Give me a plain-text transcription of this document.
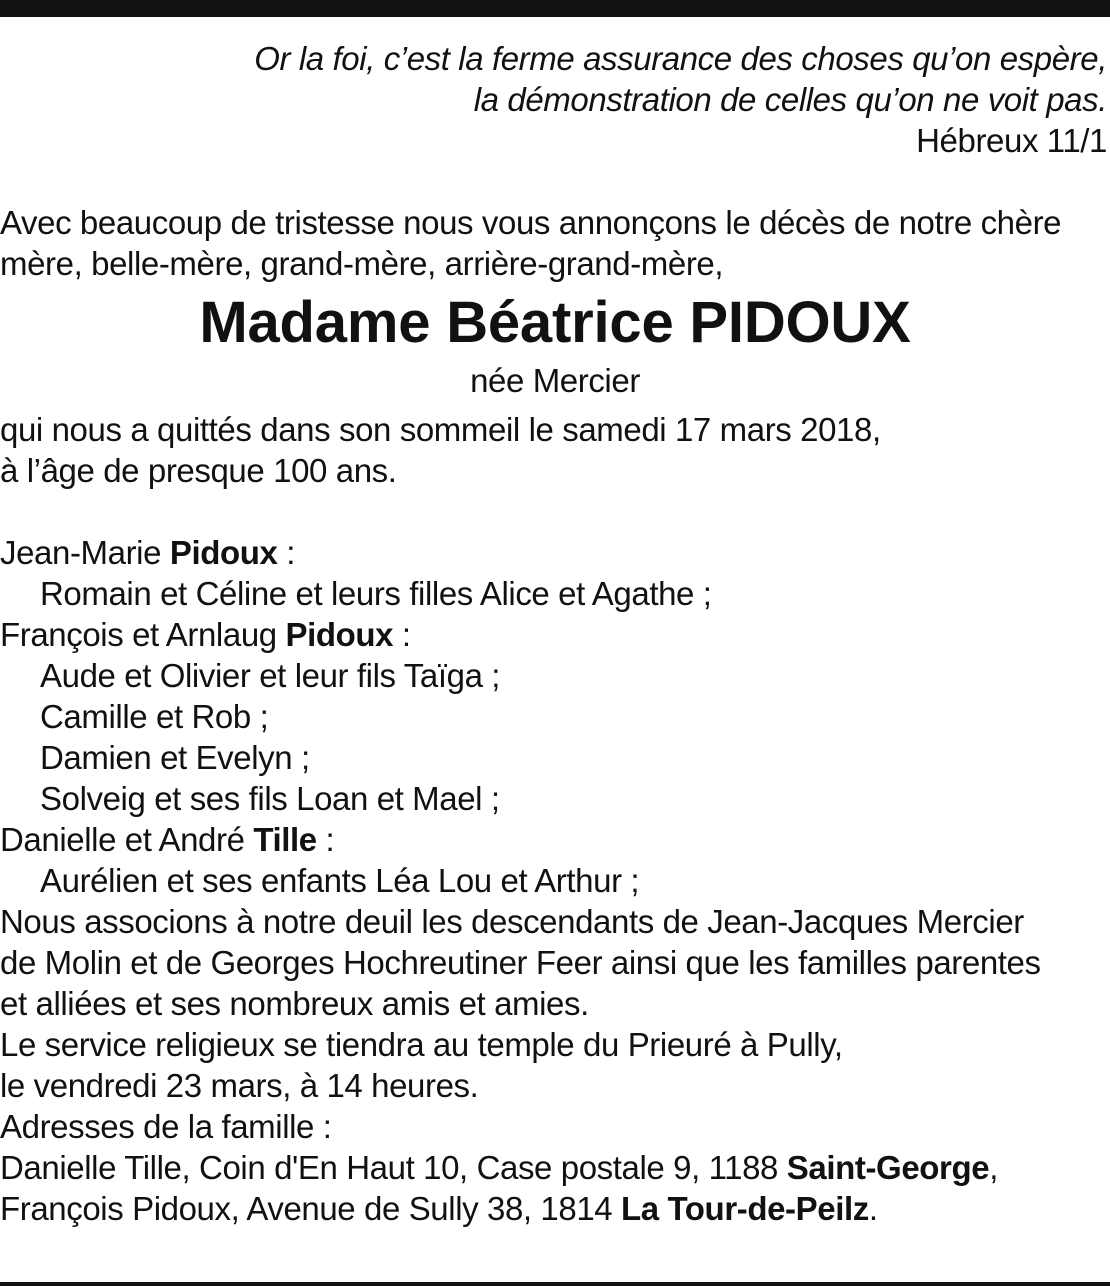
Or la foi, c’est la ferme assurance des choses qu’on espère,
la démonstration de celles qu’on ne voit pas.
Hébreux 11/1
Avec beaucoup de tristesse nous vous annonçons le décès de notre chère
mère, belle-mère, grand-mère, arrière-grand-mère,
Madame Béatrice PIDOUX
née Mercier
qui nous a quittés dans son sommeil le samedi 17 mars 2018,
à l’âge de presque 100 ans.
Jean-Marie Pidoux :
Romain et Céline et leurs filles Alice et Agathe ;
François et Arnlaug Pidoux :
Aude et Olivier et leur fils Taïga ;
Camille et Rob ;
Damien et Evelyn ;
Solveig et ses fils Loan et Mael ;
Danielle et André Tille :
Aurélien et ses enfants Léa Lou et Arthur ;
Nous associons à notre deuil les descendants de Jean-Jacques Mercier
de Molin et de Georges Hochreutiner Feer ainsi que les familles parentes
et alliées et ses nombreux amis et amies.
Le service religieux se tiendra au temple du Prieuré à Pully,
le vendredi 23 mars, à 14 heures.
Adresses de la famille :
Danielle Tille, Coin d'En Haut 10, Case postale 9, 1188 Saint-George,
François Pidoux, Avenue de Sully 38, 1814 La Tour-de-Peilz.
